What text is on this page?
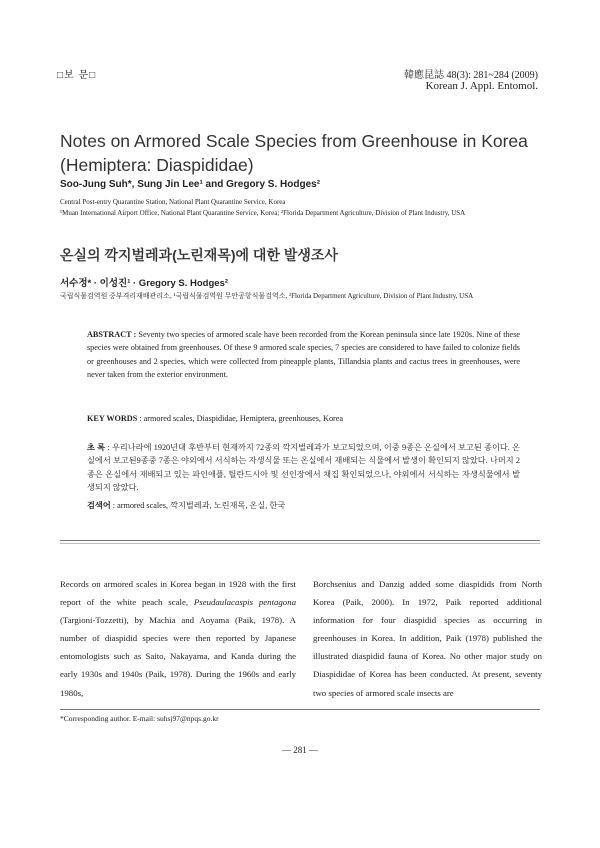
□보 문□	韓應昆誌 48(3): 281~284 (2009)
Korean J. Appl. Entomol.
Notes on Armored Scale Species from Greenhouse in Korea (Hemiptera: Diaspididae)
Soo-Jung Suh*, Sung Jin Lee¹ and Gregory S. Hodges²
Central Post-entry Quarantine Station, National Plant Quarantine Service, Korea
¹Muan International Airport Office, National Plant Quarantine Service, Korea; ²Florida Department Agriculture, Division of Plant Industry, USA
온실의 깍지벌레과(노린재목)에 대한 발생조사
서수정* · 이성진¹ · Gregory S. Hodges²
국립식물검역원 중부격리재배관리소, ¹국립식물검역원 무안공항식물검역소, ²Florida Department Agriculture, Division of Plant Industry, USA
ABSTRACT : Seventy two species of armored scale have been recorded from the Korean peninsula since late 1920s. Nine of these species were obtained from greenhouses. Of these 9 armored scale species, 7 species are considered to have failed to colonize fields or greenhouses and 2 species, which were collected from pineapple plants, Tillandsia plants and cactus trees in greenhouses, were never taken from the exterior environment.
KEY WORDS : armored scales, Diaspididae, Hemiptera, greenhouses, Korea
초 록 : 우리나라에 1920년대 후반부터 현재까지 72종의 깍지벌레과가 보고되었으며, 이중 9종은 온실에서 보고된 종이다. 온실에서 보고된9종중 7종은 야외에서 서식하는 자생식물 또는 온실에서 재배되는 식물에서 발생이 확인되지 않았다. 나머지 2종은 온실에서 재배되고 있는 파인애플, 틸란드시아 및 선인장에서 채집 확인되었으나, 야외에서 서식하는 자생식물에서 발생되지 않았다.
검색어 : armored scales, 깍지벌레과, 노린재목, 온실, 한국
Records on armored scales in Korea began in 1928 with the first report of the white peach scale, Pseudaulacaspis pentagona (Targioni-Tozzetti), by Machia and Aoyama (Paik, 1978). A number of diaspidid species were then reported by Japanese entomologists such as Saito, Nakayama, and Kanda during the early 1930s and 1940s (Paik, 1978). During the 1960s and early 1980s,
Borchsenius and Danzig added some diaspidids from North Korea (Paik, 2000). In 1972, Paik reported additional information for four diaspidid species as occurring in greenhouses in Korea. In addition, Paik (1978) published the illustrated diaspidid fauna of Korea. No other major study on Diaspididae of Korea has been conducted. At present, seventy two species of armored scale insects are
*Corresponding author. E-mail: suhsj97@npqs.go.kr
— 281 —
